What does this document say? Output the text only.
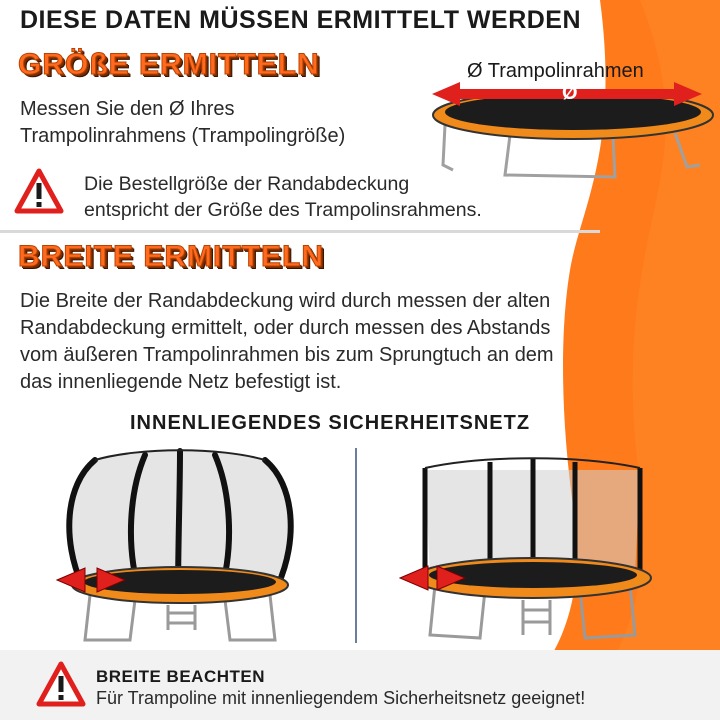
DIESE DATEN MÜSSEN ERMITTELT WERDEN
GRÖßE ERMITTELN
Messen Sie den Ø Ihres
Trampolinrahmens (Trampolingröße)
Ø Trampolinrahmen
Ø
Die Bestellgröße der Randabdeckung
entspricht der Größe des Trampolinsrahmens.
BREITE ERMITTELN
Die Breite der Randabdeckung wird durch messen der alten
Randabdeckung ermittelt, oder durch messen des Abstands
vom äußeren Trampolinrahmen bis zum Sprungtuch an dem
das innenliegende Netz befestigt ist.
INNENLIEGENDES SICHERHEITSNETZ
BREITE BEACHTEN
Für Trampoline mit innenliegendem Sicherheitsnetz geeignet!
